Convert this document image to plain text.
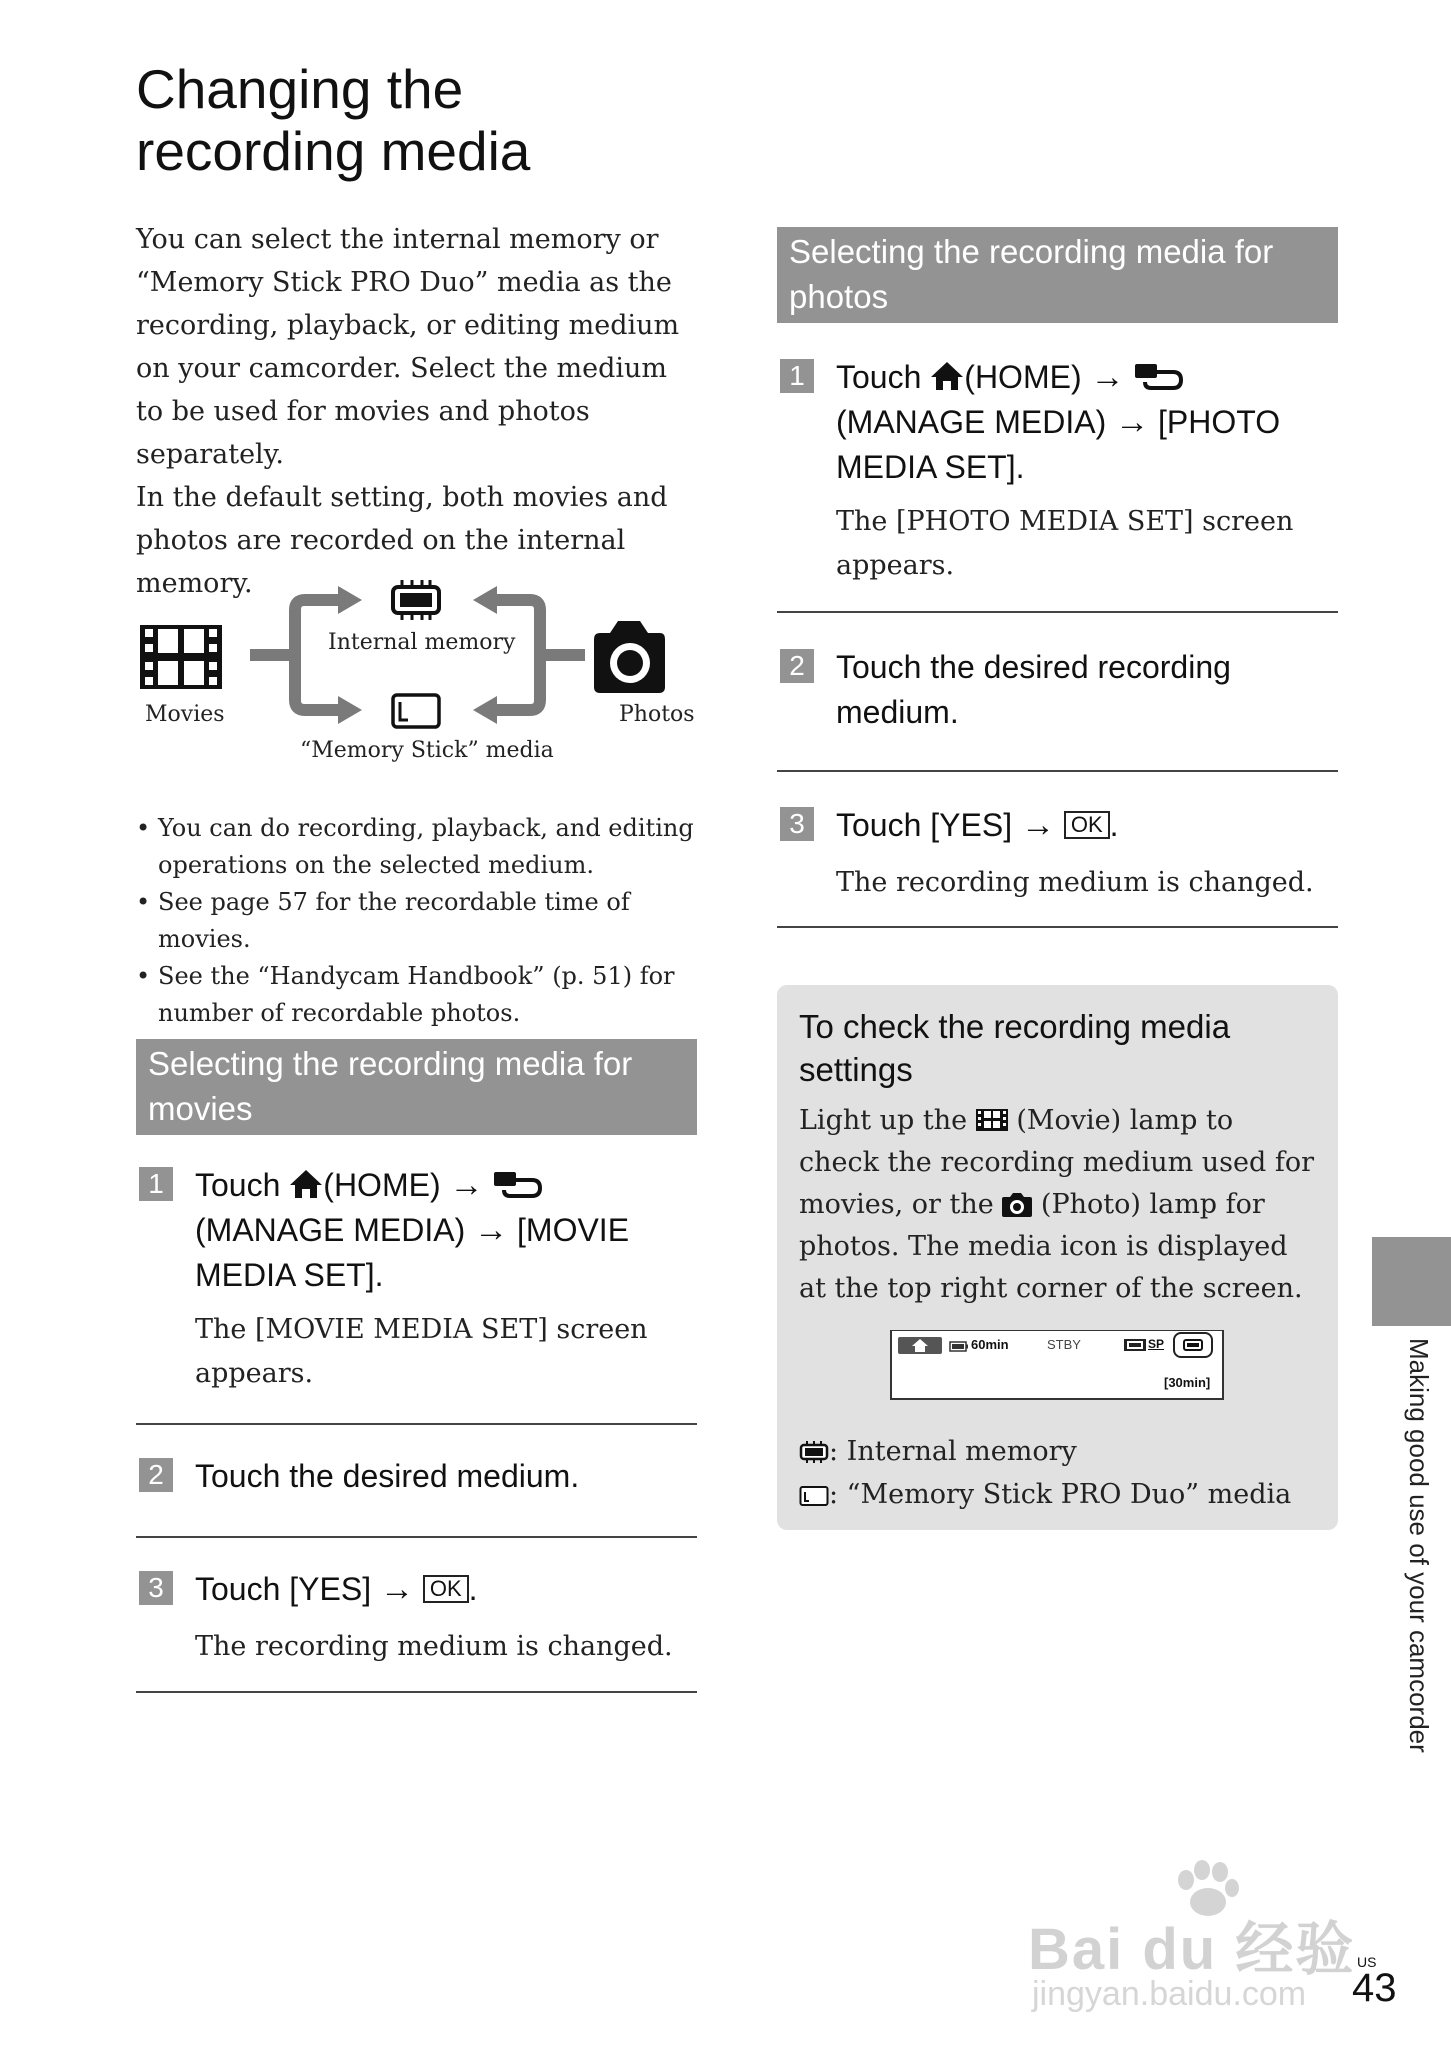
Changing the
recording media

You can select the internal memory or “Memory Stick PRO Duo” media as the recording, playback, or editing medium on your camcorder. Select the medium to be used for movies and photos separately.

In the default setting, both movies and photos are recorded on the internal memory.

Internal memory
Movies	Photos
“Memory Stick” media
• You can do recording, playback, and editing operations on the selected medium.
• See page 57 for the recordable time of movies.
• See the “Handycam Handbook” (p. 51) for number of recordable photos.
Selecting the recording media for movies
1 Touch (HOME) →
(MANAGE MEDIA) → [MOVIE
MEDIA SET].
The [MOVIE MEDIA SET] screen appears.
2 Touch the desired medium.
3 Touch [YES] → OK .
The recording medium is changed.
Selecting the recording media for photos
1 Touch (HOME) →
(MANAGE MEDIA) → [PHOTO
MEDIA SET].
The [PHOTO MEDIA SET] screen appears.
2 Touch the desired recording medium.
3 Touch [YES] → OK .
The recording medium is changed.
To check the recording media settings
Light up the (Movie) lamp to check the recording medium used for movies, or the (Photo) lamp for photos. The media icon is displayed at the top right corner of the screen.
60min	STBY	SP
[30min]
: Internal memory
: “Memory Stick PRO Duo” media	Making good use of your camcorder
Bai du 经验
jingyan.baidu.com
US
43
